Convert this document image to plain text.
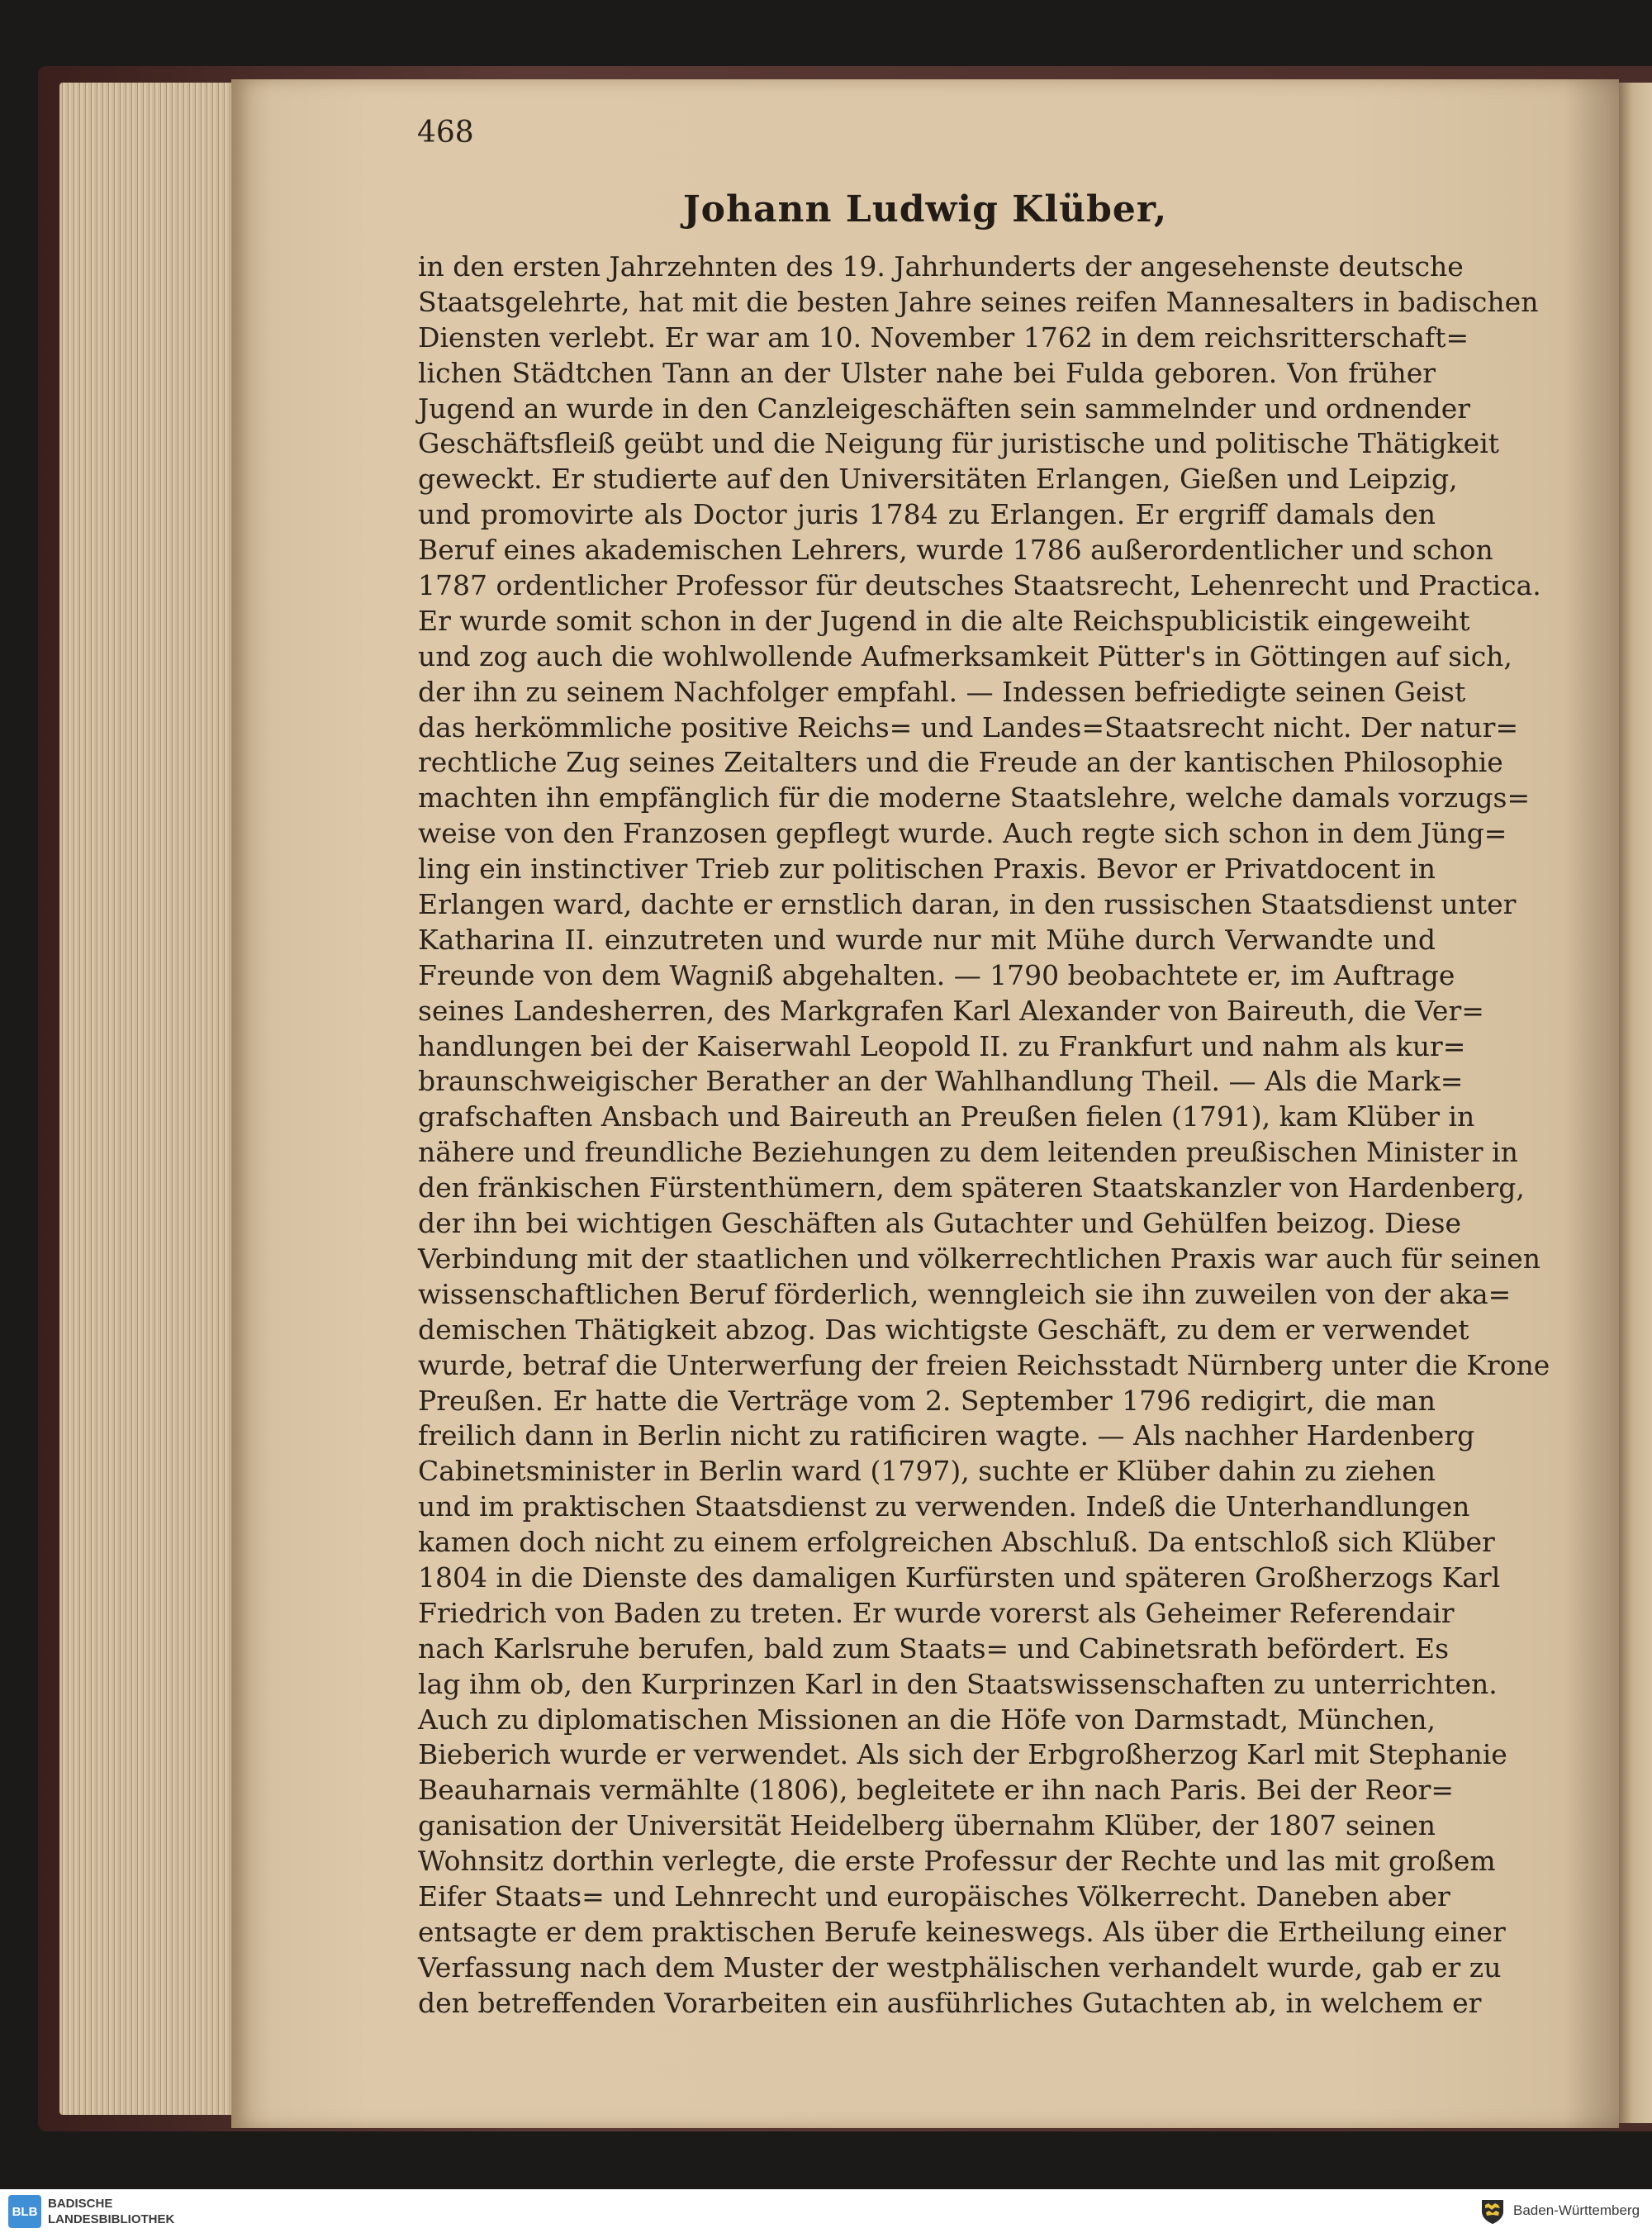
468
Johann Ludwig Klüber,
in den ersten Jahrzehnten des 19. Jahrhunderts der angesehenste deutsche
Staatsgelehrte, hat mit die besten Jahre seines reifen Mannesalters in badischen
Diensten verlebt. Er war am 10. November 1762 in dem reichsritterschaft=
lichen Städtchen Tann an der Ulster nahe bei Fulda geboren. Von früher
Jugend an wurde in den Canzleigeschäften sein sammelnder und ordnender
Geschäftsfleiß geübt und die Neigung für juristische und politische Thätigkeit
geweckt. Er studierte auf den Universitäten Erlangen, Gießen und Leipzig,
und promovirte als Doctor juris 1784 zu Erlangen. Er ergriff damals den
Beruf eines akademischen Lehrers, wurde 1786 außerordentlicher und schon
1787 ordentlicher Professor für deutsches Staatsrecht, Lehenrecht und Practica.
Er wurde somit schon in der Jugend in die alte Reichspublicistik eingeweiht
und zog auch die wohlwollende Aufmerksamkeit Pütter's in Göttingen auf sich,
der ihn zu seinem Nachfolger empfahl. — Indessen befriedigte seinen Geist
das herkömmliche positive Reichs= und Landes=Staatsrecht nicht. Der natur=
rechtliche Zug seines Zeitalters und die Freude an der kantischen Philosophie
machten ihn empfänglich für die moderne Staatslehre, welche damals vorzugs=
weise von den Franzosen gepflegt wurde. Auch regte sich schon in dem Jüng=
ling ein instinctiver Trieb zur politischen Praxis. Bevor er Privatdocent in
Erlangen ward, dachte er ernstlich daran, in den russischen Staatsdienst unter
Katharina II. einzutreten und wurde nur mit Mühe durch Verwandte und
Freunde von dem Wagniß abgehalten. — 1790 beobachtete er, im Auftrage
seines Landesherren, des Markgrafen Karl Alexander von Baireuth, die Ver=
handlungen bei der Kaiserwahl Leopold II. zu Frankfurt und nahm als kur=
braunschweigischer Berather an der Wahlhandlung Theil. — Als die Mark=
grafschaften Ansbach und Baireuth an Preußen fielen (1791), kam Klüber in
nähere und freundliche Beziehungen zu dem leitenden preußischen Minister in
den fränkischen Fürstenthümern, dem späteren Staatskanzler von Hardenberg,
der ihn bei wichtigen Geschäften als Gutachter und Gehülfen beizog. Diese
Verbindung mit der staatlichen und völkerrechtlichen Praxis war auch für seinen
wissenschaftlichen Beruf förderlich, wenngleich sie ihn zuweilen von der aka=
demischen Thätigkeit abzog. Das wichtigste Geschäft, zu dem er verwendet
wurde, betraf die Unterwerfung der freien Reichsstadt Nürnberg unter die Krone
Preußen. Er hatte die Verträge vom 2. September 1796 redigirt, die man
freilich dann in Berlin nicht zu ratificiren wagte. — Als nachher Hardenberg
Cabinetsminister in Berlin ward (1797), suchte er Klüber dahin zu ziehen
und im praktischen Staatsdienst zu verwenden. Indeß die Unterhandlungen
kamen doch nicht zu einem erfolgreichen Abschluß. Da entschloß sich Klüber
1804 in die Dienste des damaligen Kurfürsten und späteren Großherzogs Karl
Friedrich von Baden zu treten. Er wurde vorerst als Geheimer Referendair
nach Karlsruhe berufen, bald zum Staats= und Cabinetsrath befördert. Es
lag ihm ob, den Kurprinzen Karl in den Staatswissenschaften zu unterrichten.
Auch zu diplomatischen Missionen an die Höfe von Darmstadt, München,
Bieberich wurde er verwendet. Als sich der Erbgroßherzog Karl mit Stephanie
Beauharnais vermählte (1806), begleitete er ihn nach Paris. Bei der Reor=
ganisation der Universität Heidelberg übernahm Klüber, der 1807 seinen
Wohnsitz dorthin verlegte, die erste Professur der Rechte und las mit großem
Eifer Staats= und Lehnrecht und europäisches Völkerrecht. Daneben aber
entsagte er dem praktischen Berufe keineswegs. Als über die Ertheilung einer
Verfassung nach dem Muster der westphälischen verhandelt wurde, gab er zu
den betreffenden Vorarbeiten ein ausführliches Gutachten ab, in welchem er
BLB
BADISCHE
LANDESBIBLIOTHEK
Baden-Württemberg
